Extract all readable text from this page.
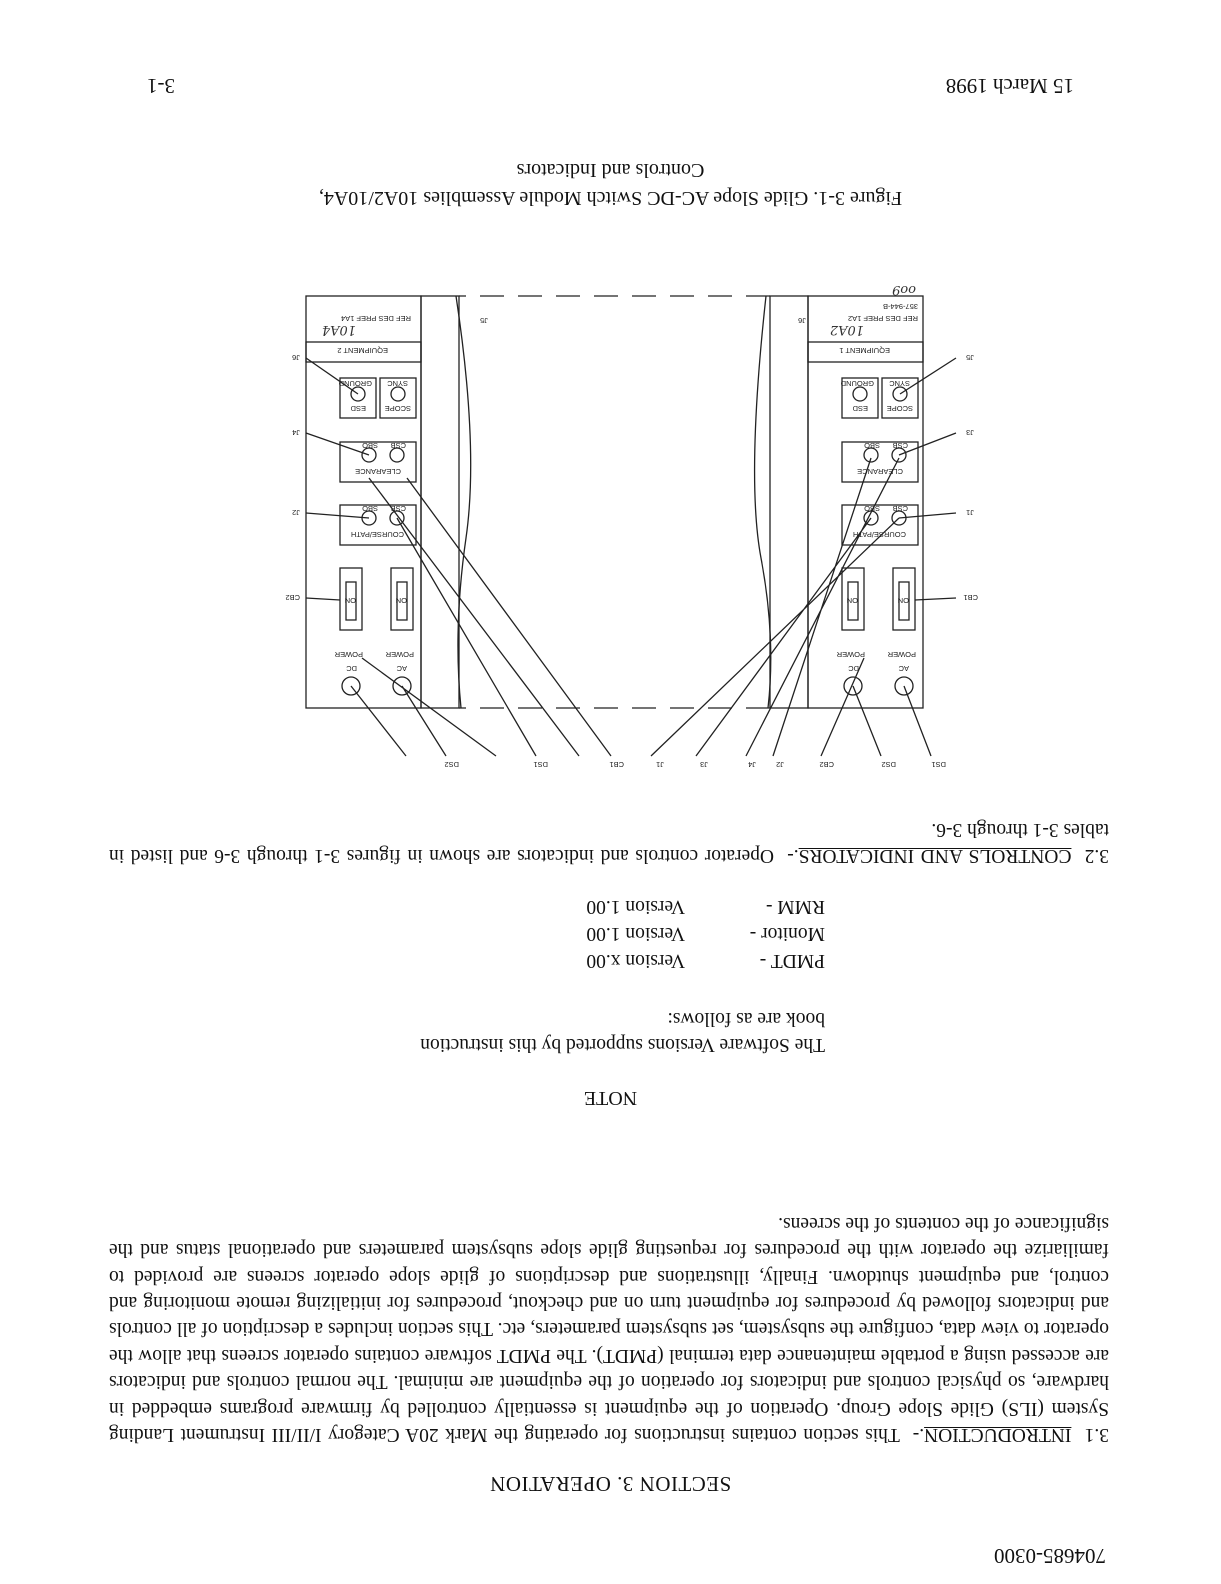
704685-0300
SECTION 3. OPERATION

3.1  INTRODUCTION.-  This section contains instructions for operating the Mark 20A Category I/II/III Instrument Landing System (ILS) Glide Slope Group. Operation of the equipment is essentially controlled by firmware programs embedded in hardware, so physical controls and indicators for operation of the equipment are minimal. The normal controls and indicators are accessed using a portable maintenance data terminal (PMDT). The PMDT software contains operator screens that allow the operator to view data, configure the subsystem, set subsystem parameters, etc. This section includes a description of all controls and indicators followed by procedures for equipment turn on and checkout, procedures for initializing remote monitoring and control, and equipment shutdown. Finally, illustrations and descriptions of glide slope operator screens are provided to familiarize the operator with the procedures for requesting glide slope subsystem parameters and operational status and the significance of the contents of the screens.

NOTE
The Software Versions supported by this instruction book are as follows:
PMDT -	Version x.00
Monitor -	Version 1.00
RMM -	Version 1.00

3.2  CONTROLS AND INDICATORS.-  Operator controls and indicators are shown in figures 3-1 through 3-6 and listed in tables 3-1 through 3-6.

DS1
DS2
CB2
J2
J4
J3
J1
CB1
DS1
DS2
CB1
J1
J3
J5
CB2
J2
J4
J6
AC
DC
AC
DC
POWER
POWER
POWER
POWER
ON
ON
ON
ON
COURSE/PATH
COURSE/PATH
CSB
SBO
CSB
SBO
CLEARANCE
CLEARANCE
CSB
SBO
CSB
SBO
SCOPE
ESD
SYNC
GROUND
SCOPE
ESD
SYNC
GROUND
EQUIPMENT 1
EQUIPMENT 2
REF DES PREF 1A2
357-944-B
REF DES PREF 1A4	J6
J5
10A2
10A4
oo9
Figure 3-1. Glide Slope AC-DC Switch Module Assemblies 10A2/10A4,
Controls and Indicators
15 March 1998
3-1
